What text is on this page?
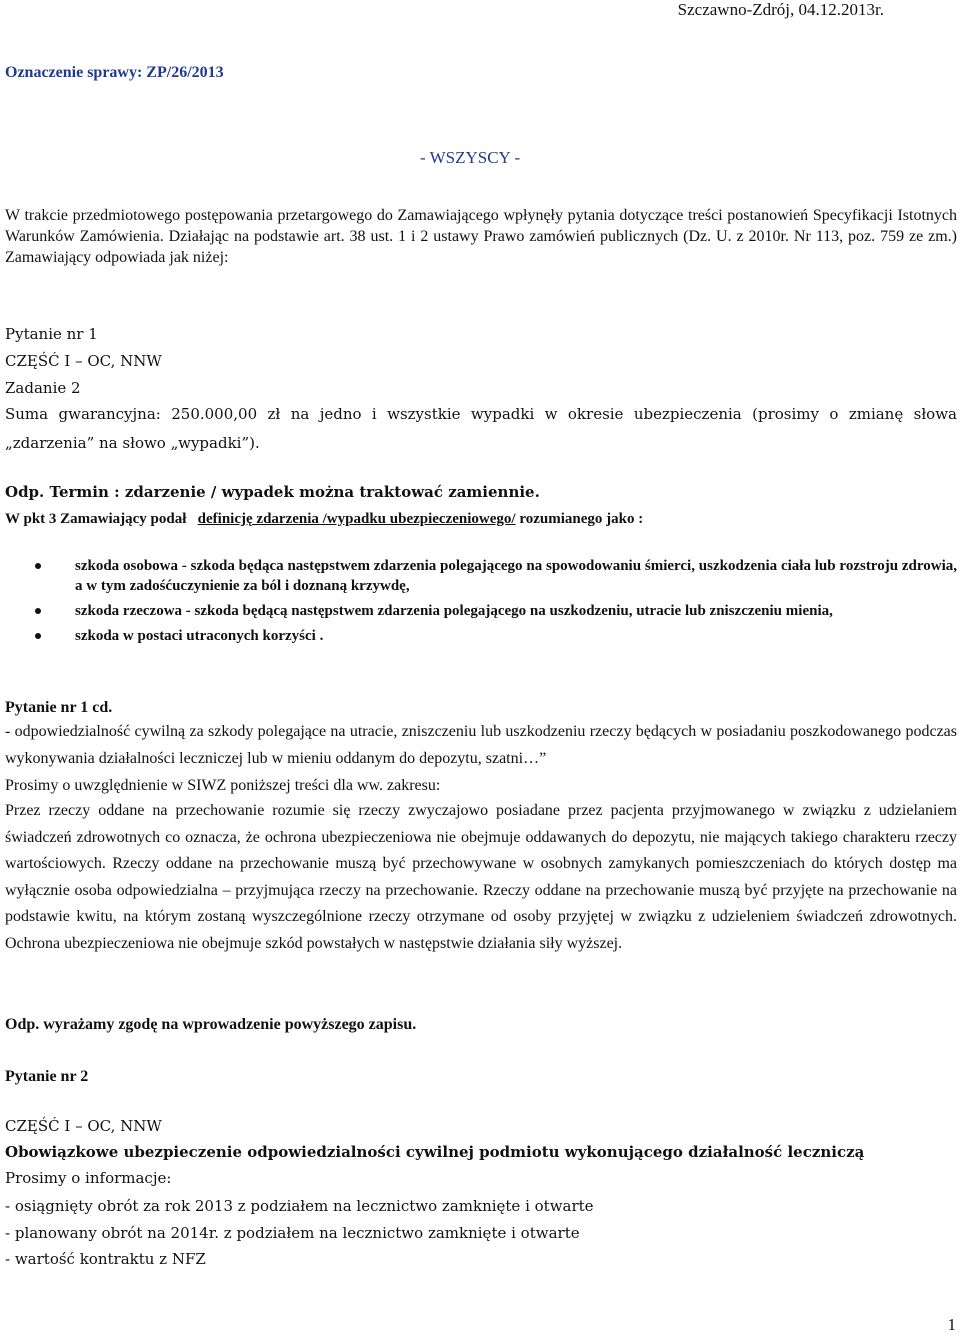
Szczawno-Zdrój, 04.12.2013r.
Oznaczenie sprawy: ZP/26/2013
- WSZYSCY -

W trakcie przedmiotowego postępowania przetargowego do Zamawiającego wpłynęły pytania dotyczące treści postanowień Specyfikacji Istotnych Warunków Zamówienia. Działając na podstawie art. 38 ust. 1 i 2 ustawy Prawo zamówień publicznych (Dz. U. z 2010r. Nr 113, poz. 759 ze zm.) Zamawiający odpowiada jak niżej:

Pytanie nr 1
CZĘŚĆ I – OC, NNW
Zadanie 2

Suma gwarancyjna: 250.000,00 zł na jedno i wszystkie wypadki w okresie ubezpieczenia (prosimy o zmianę słowa „zdarzenia” na słowo „wypadki”).

Odp. Termin : zdarzenie / wypadek można traktować zamiennie.
W pkt 3 Zamawiający podał definicję zdarzenia /wypadku ubezpieczeniowego/ rozumianego jako :
szkoda osobowa - szkoda będąca następstwem zdarzenia polegającego na spowodowaniu śmierci, uszkodzenia ciała lub rozstroju zdrowia, a w tym zadośćuczynienie za ból i doznaną krzywdę,
szkoda rzeczowa - szkoda będącą następstwem zdarzenia polegającego na uszkodzeniu, utracie lub zniszczeniu mienia,
szkoda w postaci utraconych korzyści .
Pytanie nr 1 cd.

- odpowiedzialność cywilną za szkody polegające na utracie, zniszczeniu lub uszkodzeniu rzeczy będących w posiadaniu poszkodowanego podczas wykonywania działalności leczniczej lub w mieniu oddanym do depozytu, szatni…”

Prosimy o uwzględnienie w SIWZ poniższej treści dla ww. zakresu:

Przez rzeczy oddane na przechowanie rozumie się rzeczy zwyczajowo posiadane przez pacjenta przyjmowanego w związku z udzielaniem świadczeń zdrowotnych co oznacza, że ochrona ubezpieczeniowa nie obejmuje oddawanych do depozytu, nie mających takiego charakteru rzeczy wartościowych. Rzeczy oddane na przechowanie muszą być przechowywane w osobnych zamykanych pomieszczeniach do których dostęp ma wyłącznie osoba odpowiedzialna – przyjmująca rzeczy na przechowanie. Rzeczy oddane na przechowanie muszą być przyjęte na przechowanie na podstawie kwitu, na którym zostaną wyszczególnione rzeczy otrzymane od osoby przyjętej w związku z udzieleniem świadczeń zdrowotnych. Ochrona ubezpieczeniowa nie obejmuje szkód powstałych w następstwie działania siły wyższej.

Odp. wyrażamy zgodę na wprowadzenie powyższego zapisu.

Pytanie nr 2
CZĘŚĆ I – OC, NNW
Obowiązkowe ubezpieczenie odpowiedzialności cywilnej podmiotu wykonującego działalność leczniczą
Prosimy o informacje:
- osiągnięty obrót za rok 2013 z podziałem na lecznictwo zamknięte i otwarte
- planowany obrót na 2014r. z podziałem na lecznictwo zamknięte i otwarte
- wartość kontraktu z NFZ
1
